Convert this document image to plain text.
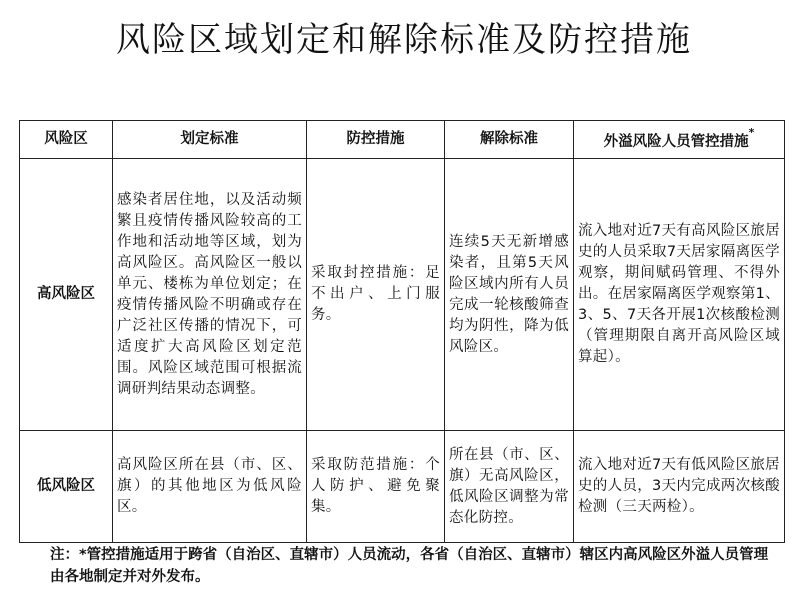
风险区域划定和解除标准及防控措施
风险区	划定标准	防控措施	解除标准	外溢风险人员管控措施*
高风险区	感染者居住地，以及活动频繁且疫情传播风险较高的工作地和活动地等区域，划为高风险区。高风险区一般以单元、楼栋为单位划定；在疫情传播风险不明确或存在广泛社区传播的情况下，可适度扩大高风险区划定范围。风险区域范围可根据流调研判结果动态调整。	采取封控措施：足不出户、上门服务。	连续5天无新增感染者，且第5天风险区域内所有人员完成一轮核酸筛查均为阴性，降为低风险区。	流入地对近7天有高风险区旅居史的人员采取7天居家隔离医学观察，期间赋码管理、不得外出。在居家隔离医学观察第1、3、5、7天各开展1次核酸检测（管理期限自离开高风险区域算起）。
低风险区	高风险区所在县（市、区、旗）的其他地区为低风险区。	采取防范措施：个人防护、避免聚集。	所在县（市、区、旗）无高风险区，低风险区调整为常态化防控。	流入地对近7天有低风险区旅居史的人员，3天内完成两次核酸检测（三天两检）。
注：*管控措施适用于跨省（自治区、直辖市）人员流动，各省（自治区、直辖市）辖区内高风险区外溢人员管理由各地制定并对外发布。
